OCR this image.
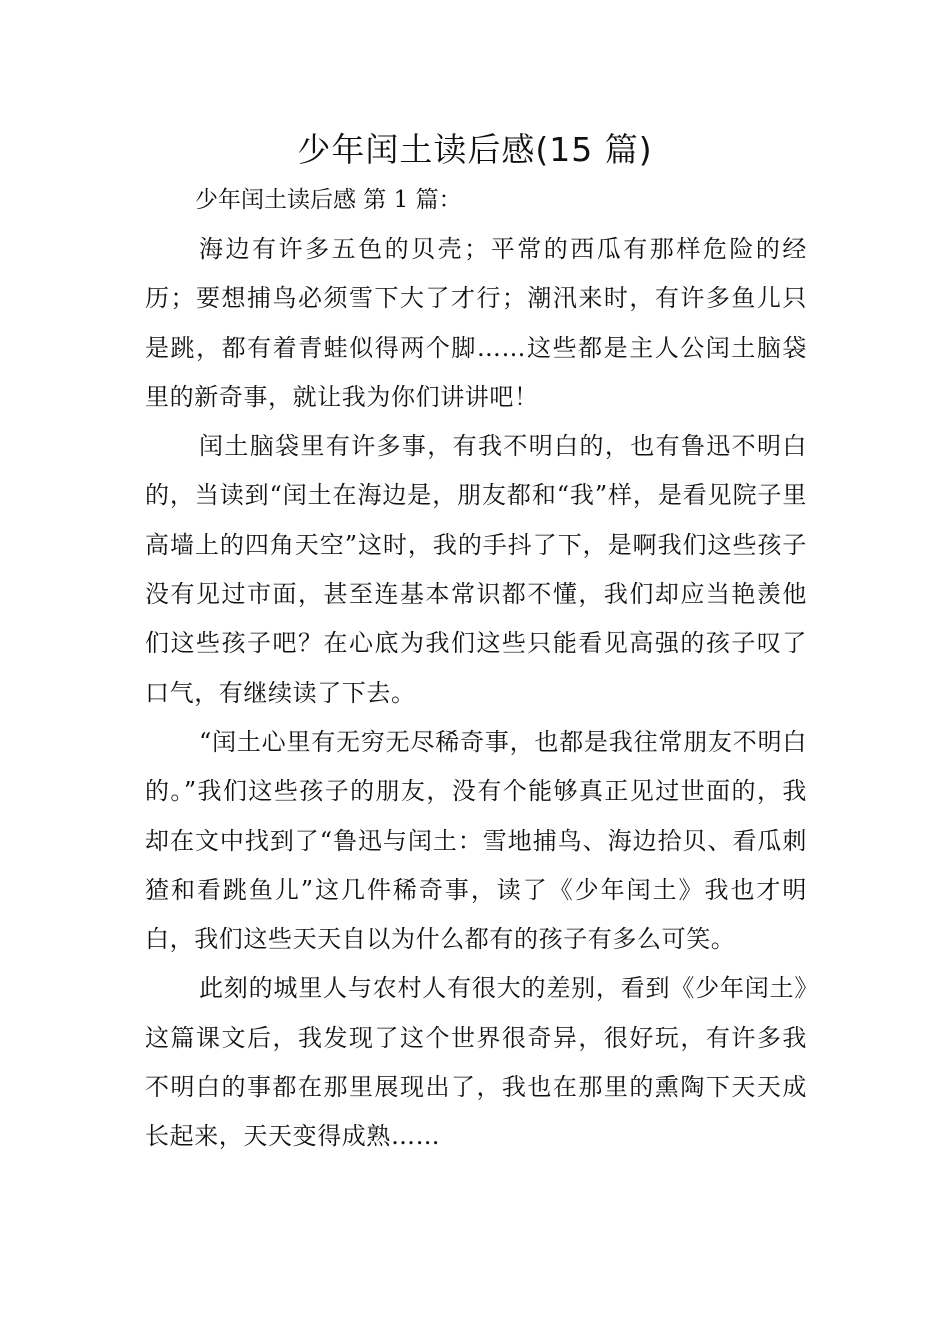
少年闰土读后感(15 篇)
少年闰土读后感 第 1 篇：

海边有许多五色的贝壳；平常的西瓜有那样危险的经历；要想捕鸟必须雪下大了才行；潮汛来时，有许多鱼儿只是跳，都有着青蛙似得两个脚……这些都是主人公闰土脑袋里的新奇事，就让我为你们讲讲吧！

闰土脑袋里有许多事，有我不明白的，也有鲁迅不明白的，当读到“闰土在海边是，朋友都和“我”样，是看见院子里高墙上的四角天空”这时，我的手抖了下，是啊我们这些孩子没有见过市面，甚至连基本常识都不懂，我们却应当艳羡他们这些孩子吧？在心底为我们这些只能看见高强的孩子叹了口气，有继续读了下去。

“闰土心里有无穷无尽稀奇事，也都是我往常朋友不明白的。”我们这些孩子的朋友，没有个能够真正见过世面的，我却在文中找到了“鲁迅与闰土：雪地捕鸟、海边拾贝、看瓜刺猹和看跳鱼儿”这几件稀奇事，读了《少年闰土》我也才明白，我们这些天天自以为什么都有的孩子有多么可笑。

此刻的城里人与农村人有很大的差别，看到《少年闰土》这篇课文后，我发现了这个世界很奇异，很好玩，有许多我不明白的事都在那里展现出了，我也在那里的熏陶下天天成长起来，天天变得成熟……
